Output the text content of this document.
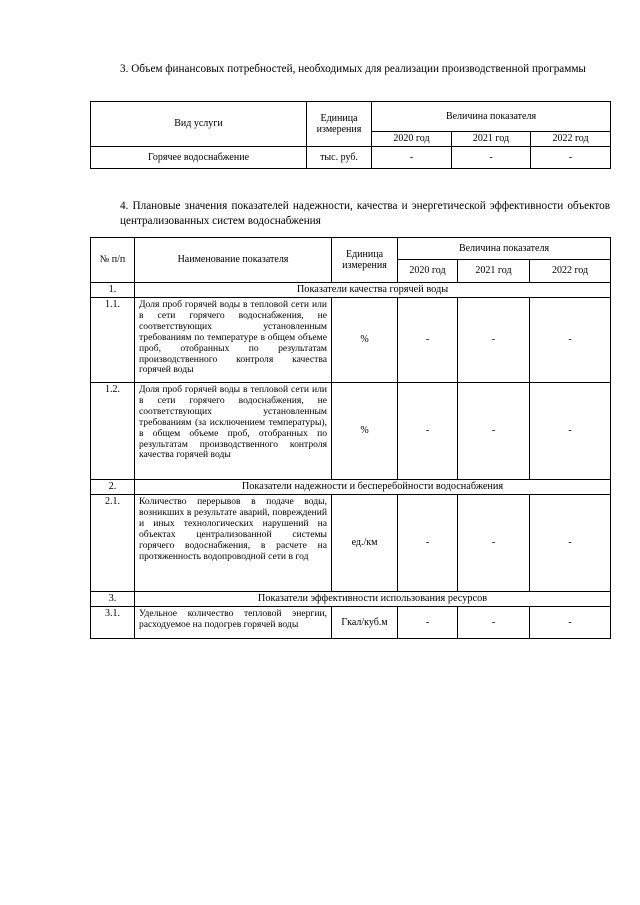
3. Объем финансовых потребностей, необходимых для реализации производственной программы
Вид услуги	Единица измерения	Величина показателя		
		2020 год	2021 год	2022 год
Горячее водоснабжение	тыс. руб.	-	-	-
4. Плановые значения показателей надежности, качества и энергетической эффективности объектов централизованных систем водоснабжения
№ п/п	Наименование показателя	Единица измерения	Величина показателя		
			2020 год	2021 год	2022 год
1.	Показатели качества горячей воды				
1.1.	Доля проб горячей воды в тепловой сети или в сети горячего водоснабжения, не соответствующих установленным требованиям по температуре в общем объеме проб, отобранных по результатам производственного контроля качества горячей воды	%	-	-	-
1.2.	Доля проб горячей воды в тепловой сети или в сети горячего водоснабжения, не соответствующих установленным требованиям (за исключением температуры), в общем объеме проб, отобранных по результатам производственного контроля качества горячей воды	%	-	-	-
2.	Показатели надежности и бесперебойности водоснабжения				
2.1.	Количество перерывов в подаче воды, возникших в результате аварий, повреждений и иных технологических нарушений на объектах централизованной системы горячего водоснабжения, в расчете на протяженность водопроводной сети в год	ед./км	-	-	-
3.	Показатели эффективности использования ресурсов				
3.1.	Удельное количество тепловой энергии, расходуемое на подогрев горячей воды	Гкал/куб.м	-	-	-
